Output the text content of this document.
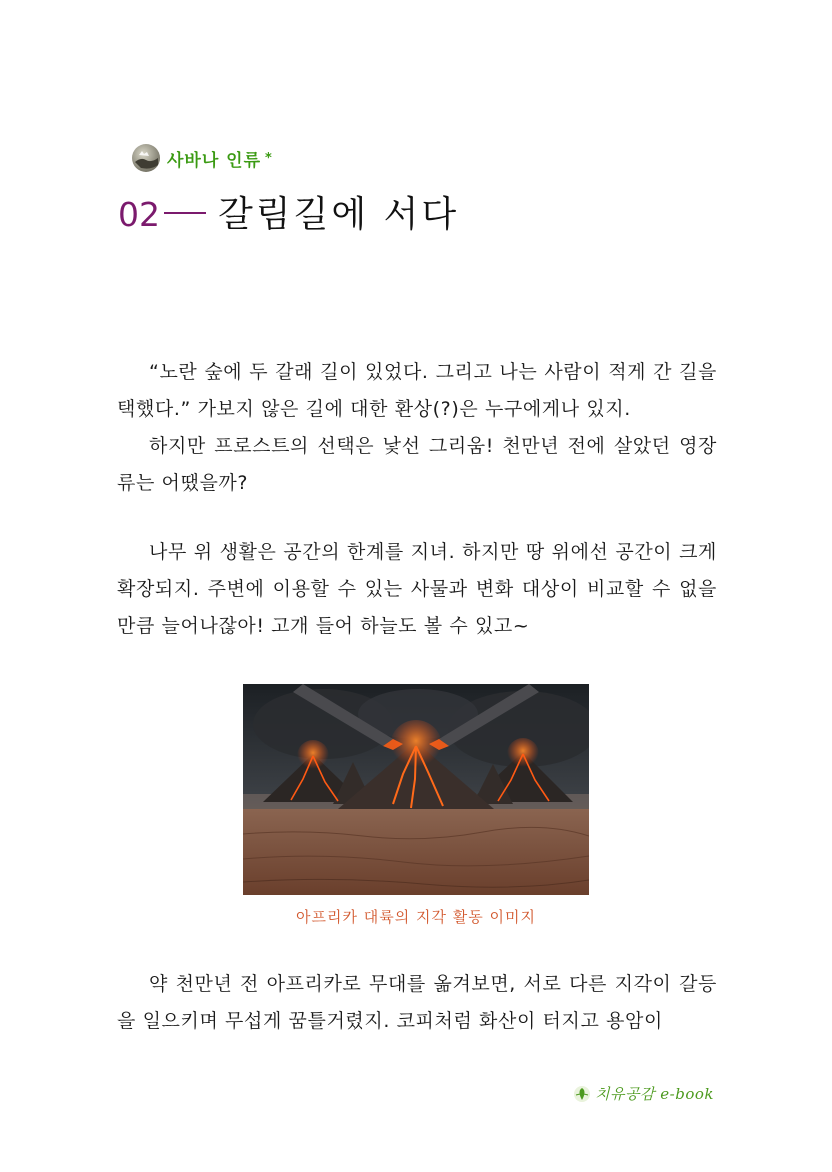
사바나 인류 *
02 갈림길에 서다

“노란 숲에 두 갈래 길이 있었다. 그리고 나는 사람이 적게 간 길을 택했다.” 가보지 않은 길에 대한 환상(?)은 누구에게나 있지.

하지만 프로스트의 선택은 낯선 그리움! 천만년 전에 살았던 영장류는 어땠을까?

나무 위 생활은 공간의 한계를 지녀. 하지만 땅 위에선 공간이 크게 확장되지. 주변에 이용할 수 있는 사물과 변화 대상이 비교할 수 없을 만큼 늘어나잖아! 고개 들어 하늘도 볼 수 있고~

아프리카 대륙의 지각 활동 이미지

약 천만년 전 아프리카로 무대를 옮겨보면, 서로 다른 지각이 갈등을 일으키며 무섭게 꿈틀거렸지. 코피처럼 화산이 터지고 용암이

치유공감 e-book
